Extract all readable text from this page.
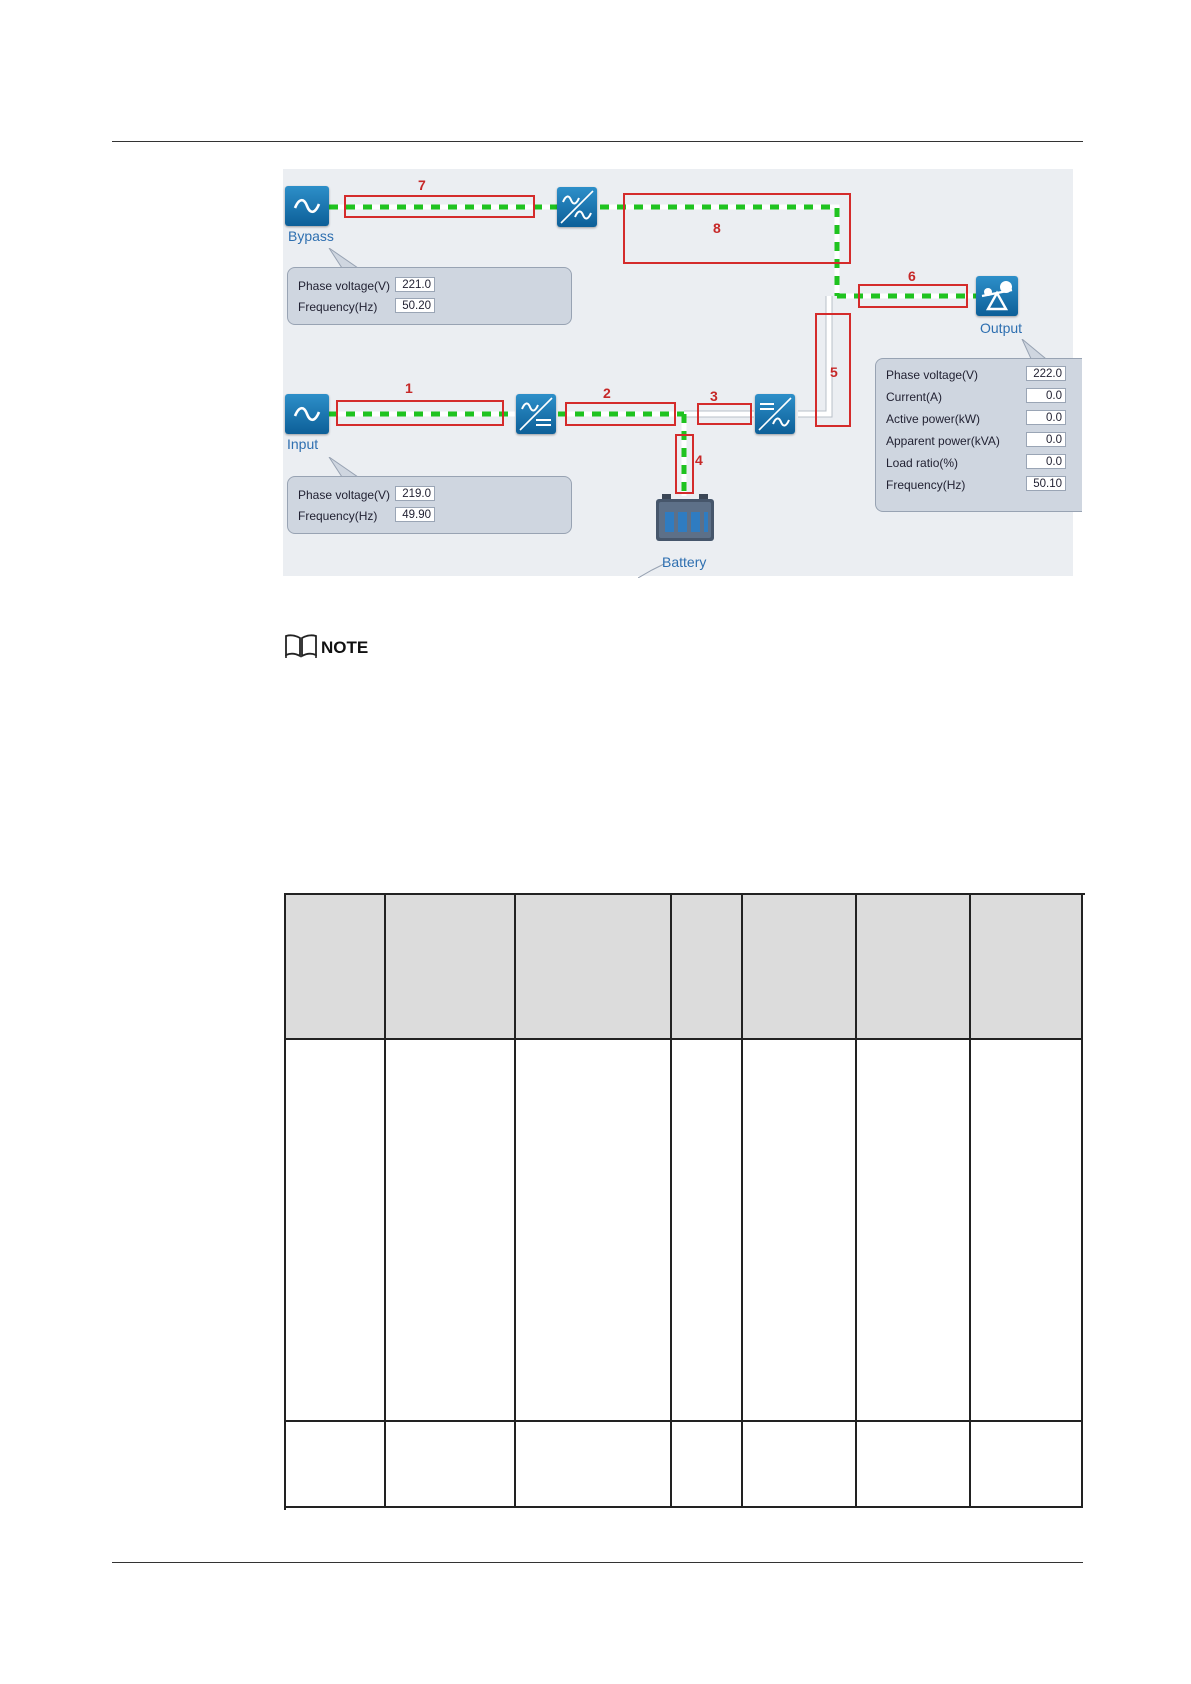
Bypass
Phase voltage(V)	221.0
Frequency(Hz)	50.20
Input
Phase voltage(V)	219.0
Frequency(Hz)	49.90
Battery
Output
Phase voltage(V)	222.0
Current(A)	0.0
Active power(kW)	0.0
Apparent power(kVA)	0.0
Load ratio(%)	0.0
Frequency(Hz)	50.10
7
8
6
5
1	2	3
4
NOTE
